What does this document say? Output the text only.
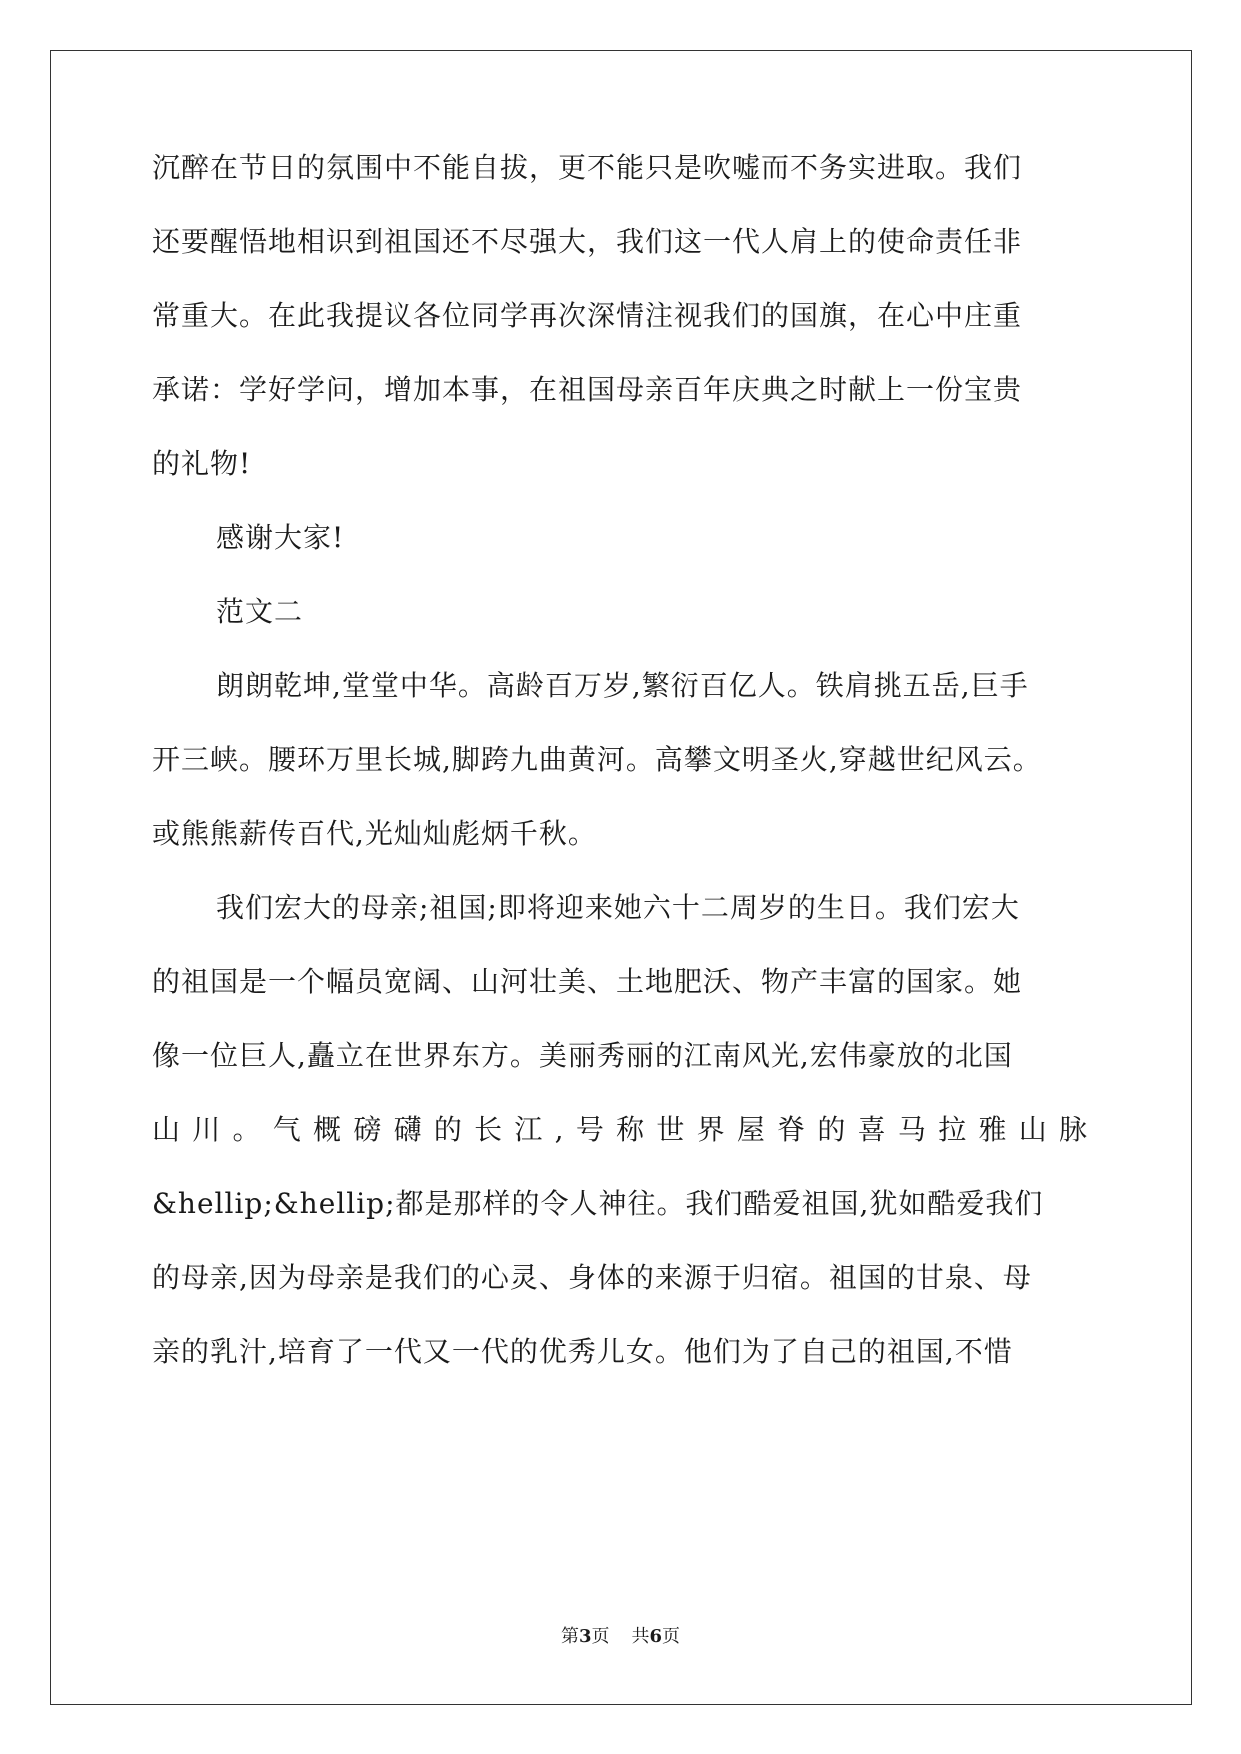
沉醉在节日的氛围中不能自拔，更不能只是吹嘘而不务实进取。我们
还要醒悟地相识到祖国还不尽强大，我们这一代人肩上的使命责任非
常重大。在此我提议各位同学再次深情注视我们的国旗，在心中庄重
承诺：学好学问，增加本事，在祖国母亲百年庆典之时献上一份宝贵
的礼物!
感谢大家!
范文二
朗朗乾坤,堂堂中华。高龄百万岁,繁衍百亿人。铁肩挑五岳,巨手
开三峡。腰环万里长城,脚跨九曲黄河。高攀文明圣火,穿越世纪风云。
或熊熊薪传百代,光灿灿彪炳千秋。
我们宏大的母亲;祖国;即将迎来她六十二周岁的生日。我们宏大
的祖国是一个幅员宽阔、山河壮美、土地肥沃、物产丰富的国家。她
像一位巨人,矗立在世界东方。美丽秀丽的江南风光,宏伟豪放的北国
山川。气概磅礴的长江,号称世界屋脊的喜马拉雅山脉
&hellip;&hellip;都是那样的令人神往。我们酷爱祖国,犹如酷爱我们
的母亲,因为母亲是我们的心灵、身体的来源于归宿。祖国的甘泉、母
亲的乳汁,培育了一代又一代的优秀儿女。他们为了自己的祖国,不惜
第3页 共6页
